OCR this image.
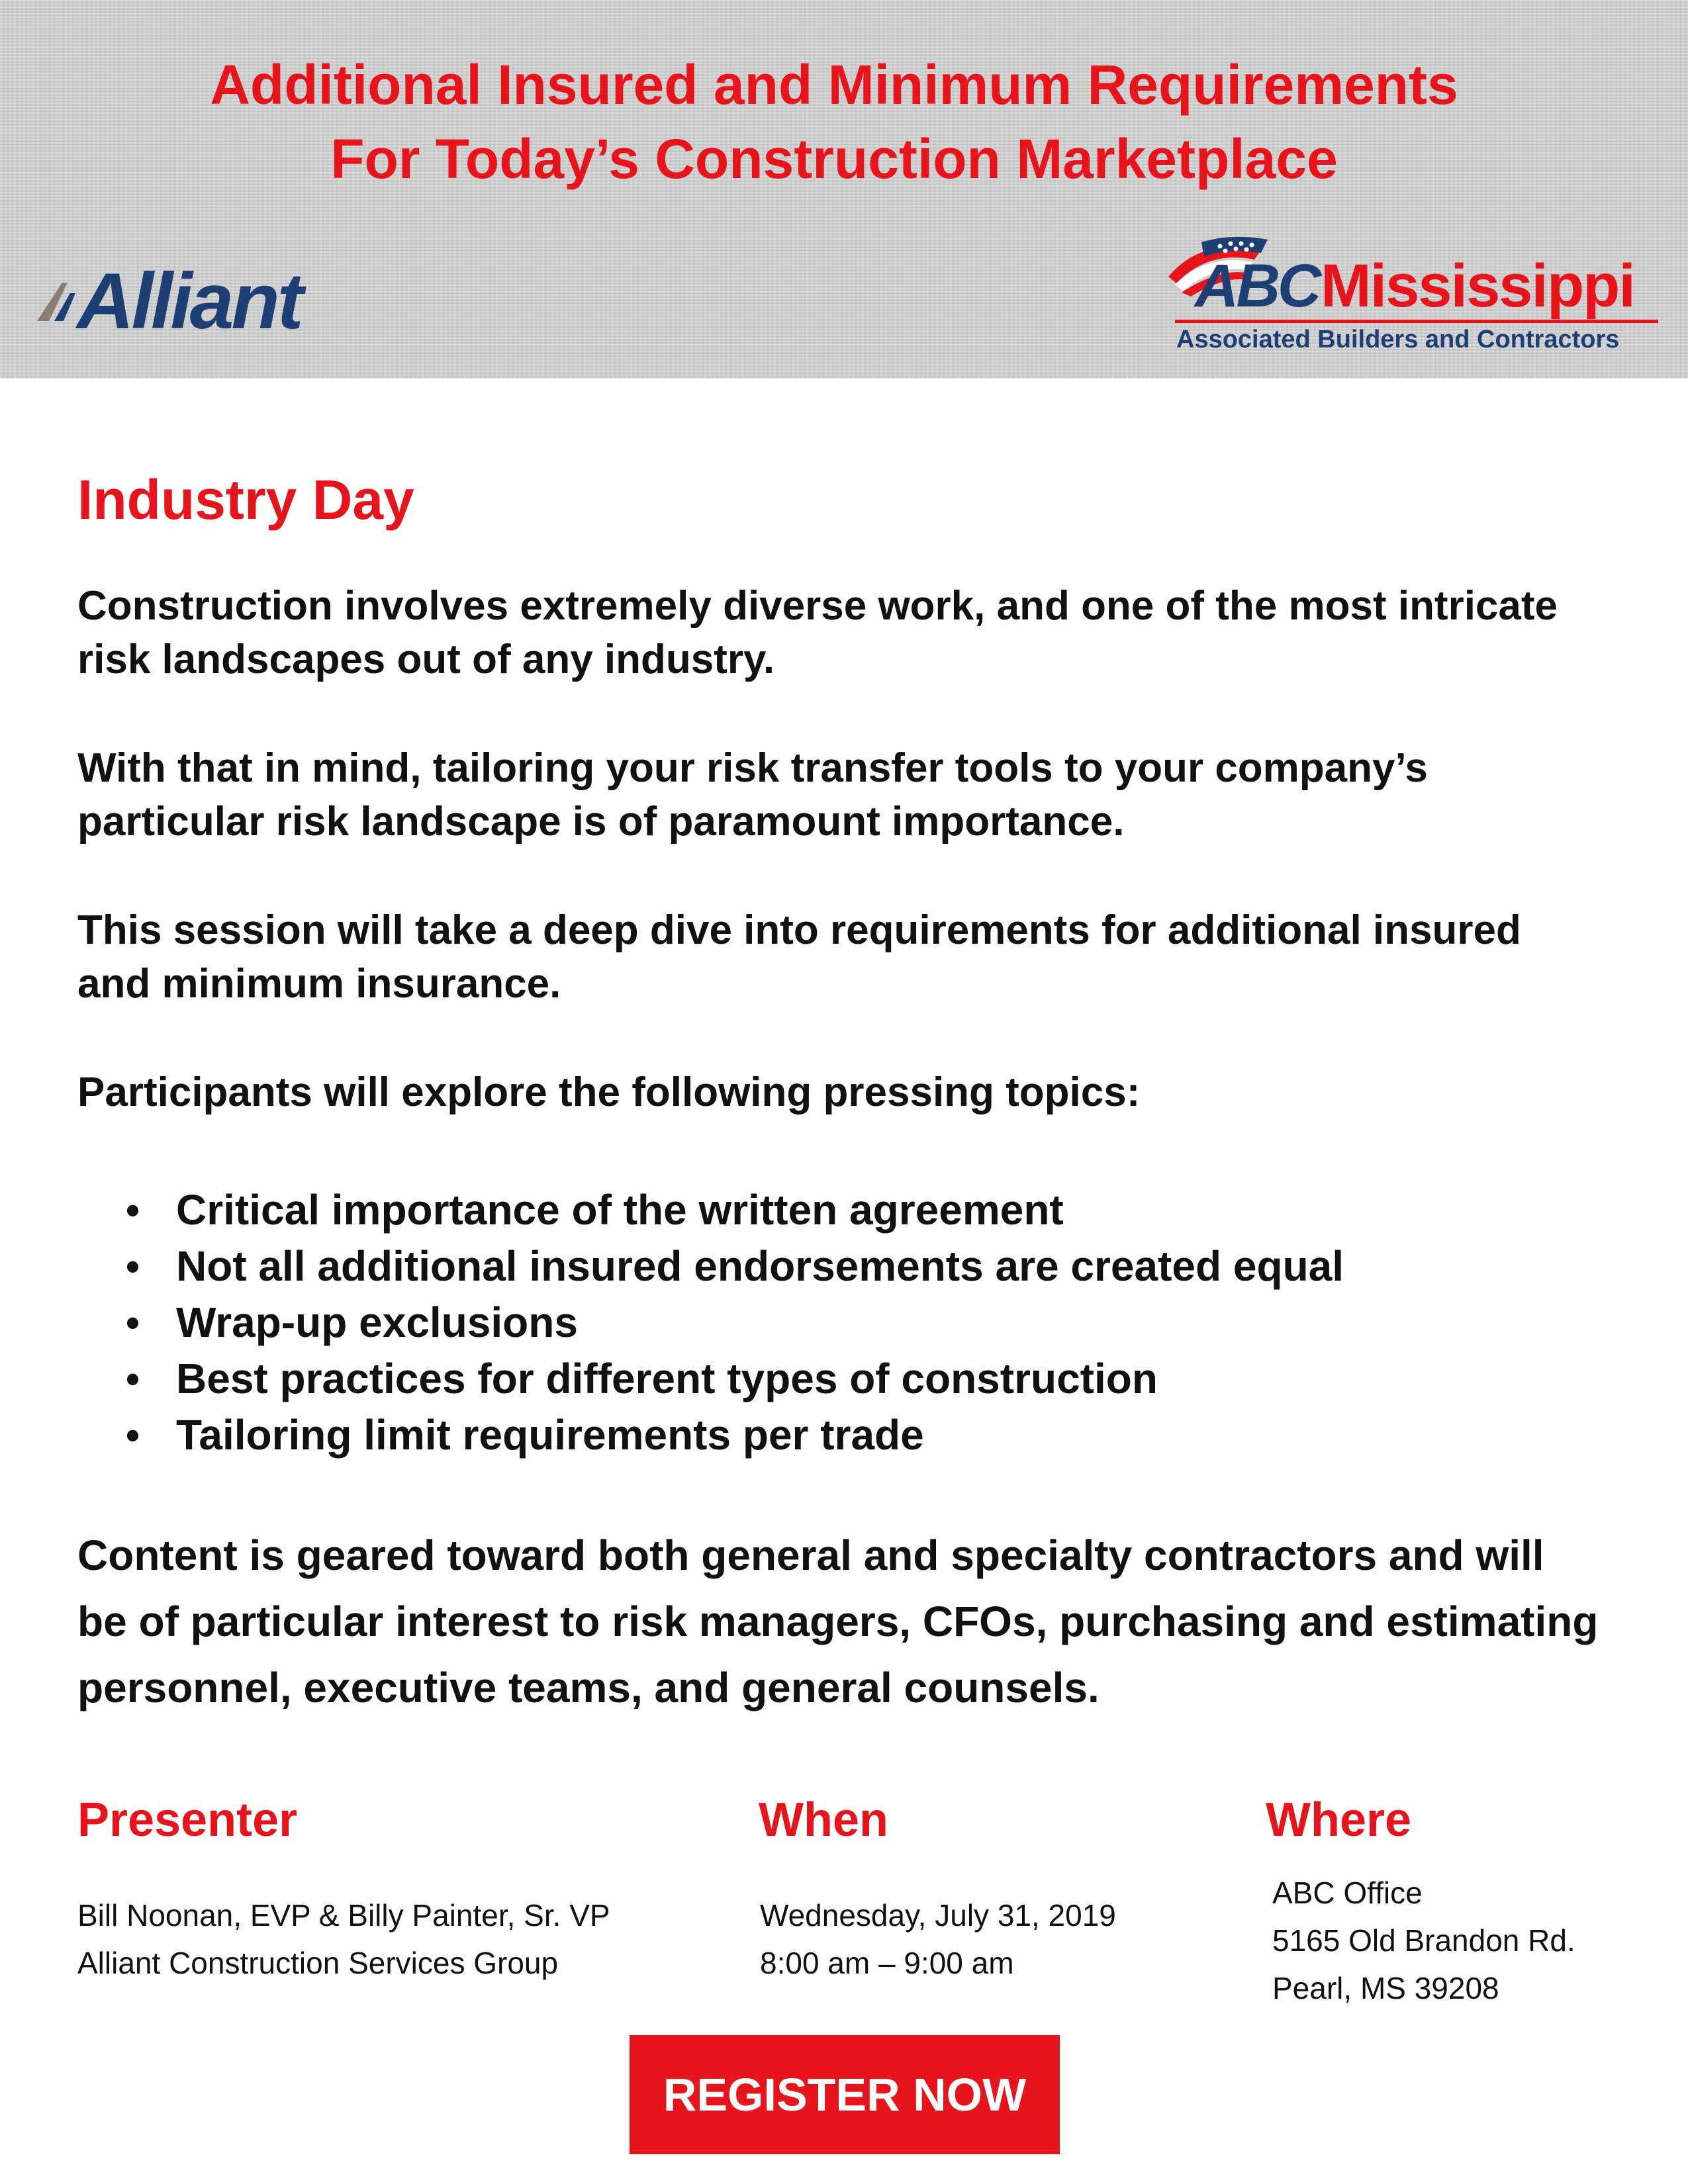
Additional Insured and Minimum Requirements
For Today’s Construction Marketplace
Alliant	ABC Mississippi
Associated Builders and Contractors
Industry Day

Construction involves extremely diverse work, and one of the most intricate risk landscapes out of any industry.

With that in mind, tailoring your risk transfer tools to your company’s particular risk landscape is of paramount importance.

This session will take a deep dive into requirements for additional insured and minimum insurance.

Participants will explore the following pressing topics:

• Critical importance of the written agreement
• Not all additional insured endorsements are created equal
• Wrap-up exclusions
• Best practices for different types of construction
• Tailoring limit requirements per trade

Content is geared toward both general and specialty contractors and will be of particular interest to risk managers, CFOs, purchasing and estimating personnel, executive teams, and general counsels.

Presenter
Bill Noonan, EVP & Billy Painter, Sr. VP
Alliant Construction Services Group
When
Wednesday, July 31, 2019
8:00 am – 9:00 am
Where
ABC Office
5165 Old Brandon Rd.
Pearl, MS 39208
REGISTER NOW
